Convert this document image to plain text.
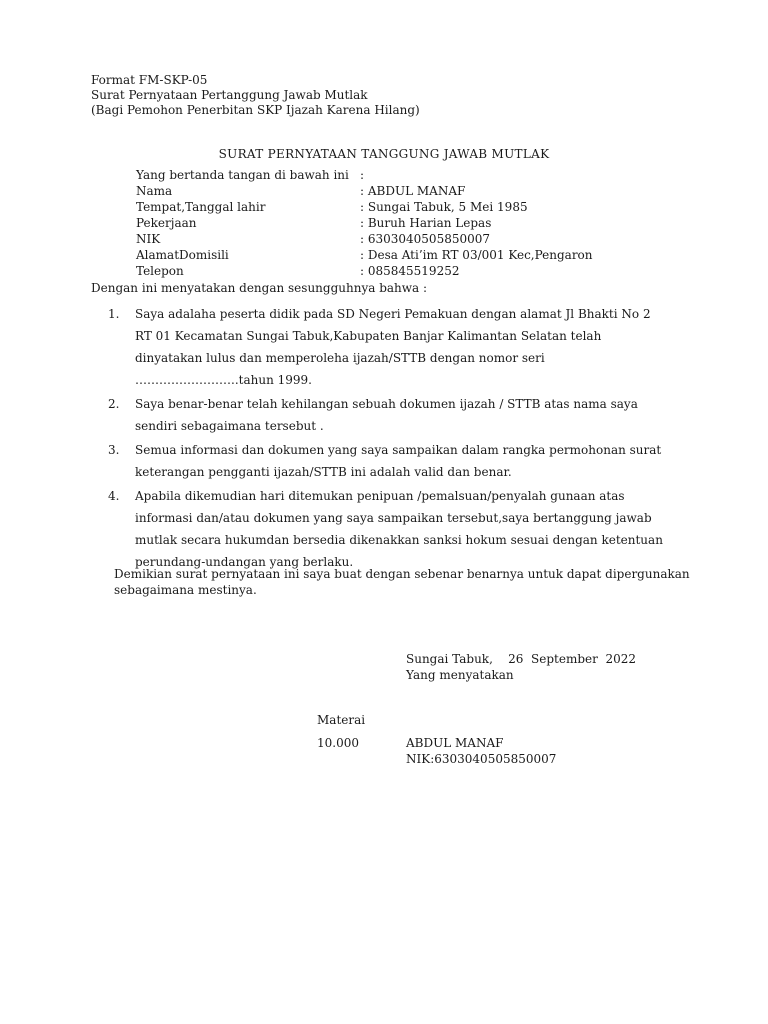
Format FM-SKP-05
Surat Pernyataan Pertanggung Jawab Mutlak
(Bagi Pemohon Penerbitan SKP Ijazah Karena Hilang)
SURAT PERNYATAAN TANGGUNG JAWAB MUTLAK
Yang bertanda tangan di bawah ini :
Nama	: ABDUL MANAF
Tempat,Tanggal lahir	: Sungai Tabuk, 5 Mei 1985
Pekerjaan	: Buruh Harian Lepas
NIK	: 6303040505850007
AlamatDomisili	: Desa Ati’im RT 03/001 Kec,Pengaron
Telepon	: 085845519252
Dengan ini menyatakan dengan sesungguhnya bahwa :
1. Saya adalaha peserta didik pada SD Negeri Pemakuan dengan alamat Jl Bhakti No 2 RT 01 Kecamatan Sungai Tabuk,Kabupaten Banjar Kalimantan Selatan telah dinyatakan lulus dan memperoleha ijazah/STTB dengan nomor seri ……………………..tahun 1999.
2. Saya benar-benar telah kehilangan sebuah dokumen ijazah / STTB atas nama saya sendiri sebagaimana tersebut .
3. Semua informasi dan dokumen yang saya sampaikan dalam rangka permohonan surat keterangan pengganti ijazah/STTB ini adalah valid dan benar.
4. Apabila dikemudian hari ditemukan penipuan /pemalsuan/penyalah gunaan atas informasi dan/atau dokumen yang saya sampaikan tersebut,saya bertanggung jawab mutlak secara hukumdan bersedia dikenakkan sanksi hokum sesuai dengan ketentuan perundang-undangan yang berlaku.
Demikian surat pernyataan ini saya buat dengan sebenar benarnya untuk dapat dipergunakan
sebagaimana mestinya.
Sungai Tabuk,    26  September  2022
Yang menyatakan
Materai
10.000	ABDUL MANAF
NIK:6303040505850007
